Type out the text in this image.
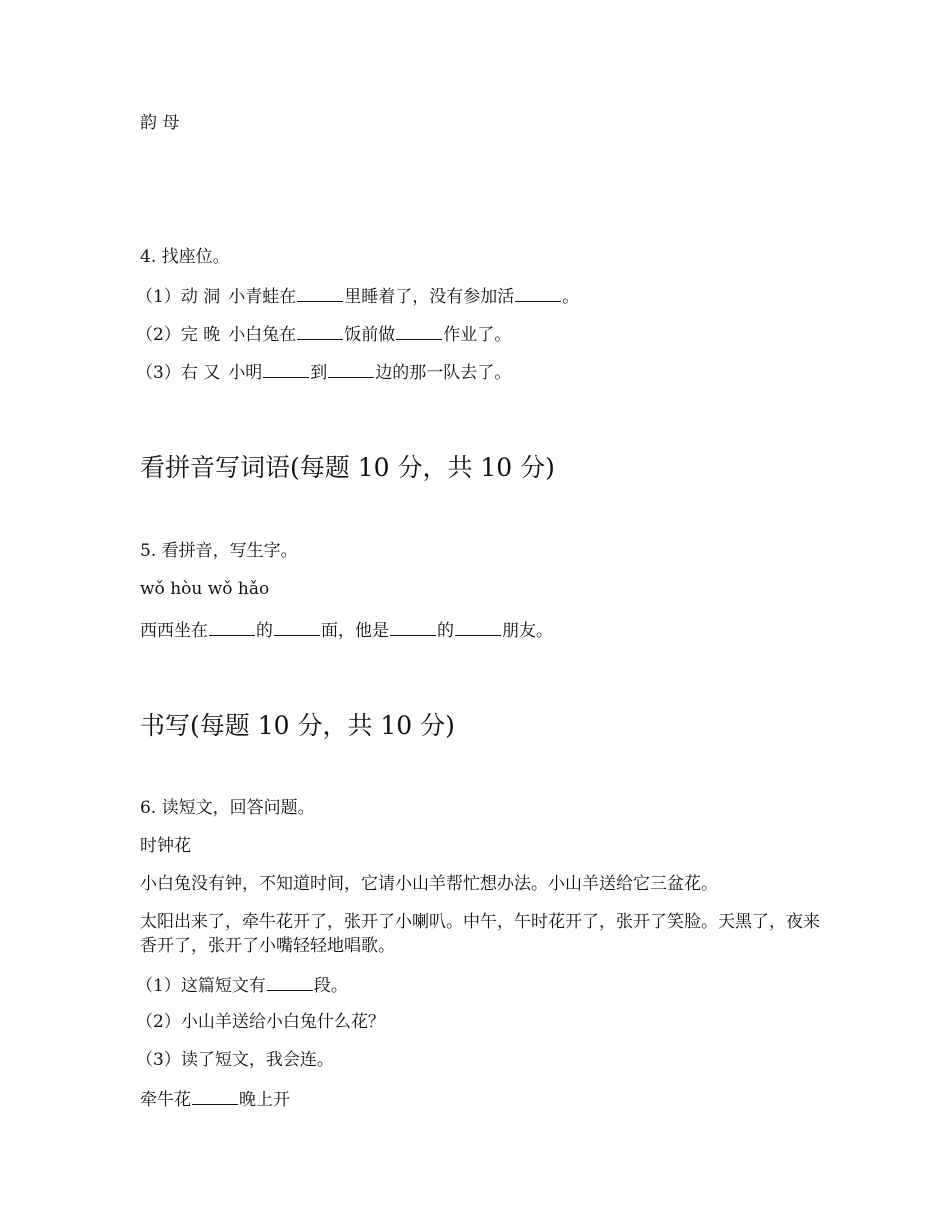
韵 母
4. 找座位。
（1）动 洞 小青蛙在	里睡着了，没有参加活	。
（2）完 晚 小白兔在	饭前做	作业了。
（3）右 又 小明	到	边的那一队去了。
看拼音写词语(每题 10 分，共 10 分)
5. 看拼音，写生字。
wǒ hòu wǒ hǎo
西西坐在	的	面，他是	的	朋友。
书写(每题 10 分，共 10 分)
6. 读短文，回答问题。
时钟花
小白兔没有钟，不知道时间，它请小山羊帮忙想办法。小山羊送给它三盆花。
太阳出来了，牵牛花开了，张开了小喇叭。中午，午时花开了，张开了笑脸。天黑了，夜来香开了，张开了小嘴轻轻地唱歌。
（1）这篇短文有	段。
（2）小山羊送给小白兔什么花？
（3）读了短文，我会连。
牵牛花	晚上开
